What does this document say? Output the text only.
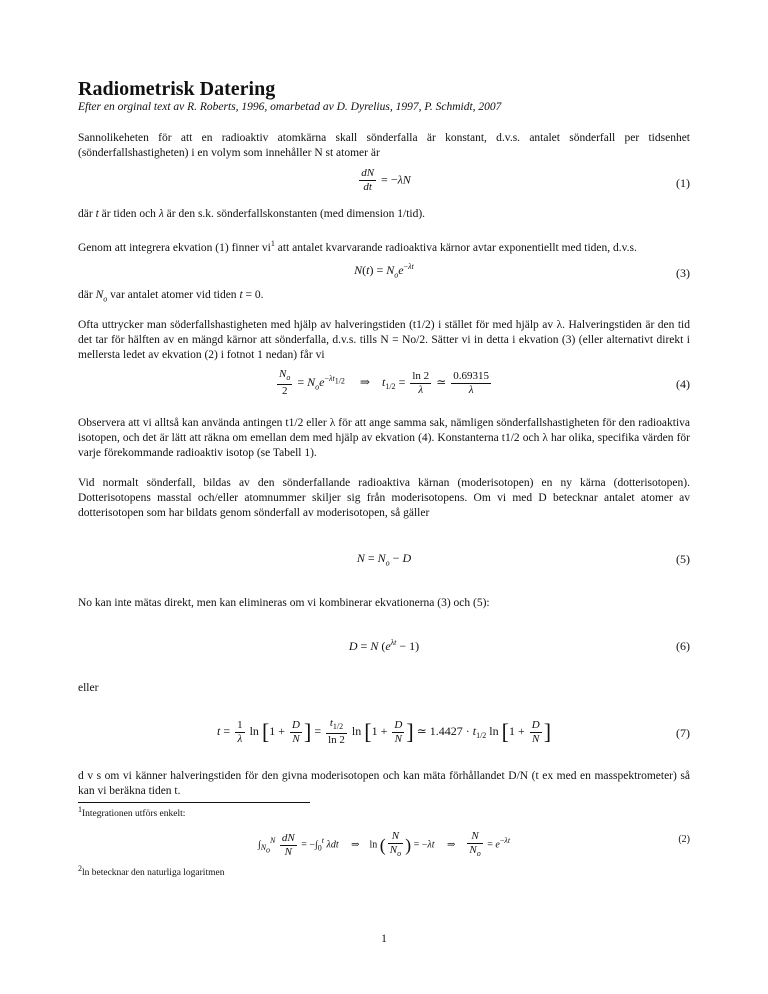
Radiometrisk Datering
Efter en orginal text av R. Roberts, 1996, omarbetad av D. Dyrelius, 1997, P. Schmidt, 2007

Sannolikeheten för att en radioaktiv atomkärna skall sönderfalla är konstant, d.v.s. antalet sönderfall per tidsenhet (sönderfallshastigheten) i en volym som innehåller N st atomer är

$\frac{dN}{dt} = -\lambda N$	(1)

där t är tiden och λ är den s.k. sönderfallskonstanten (med dimension 1/tid).

Genom att integrera ekvation (1) finner $vi^1$ att antalet kvarvarande radioaktiva kärnor avtar exponentiellt med tiden, d.v.s.

$N(t) = N_oe^{-\lambda t}$	(3)

där $N_o$ var antalet atomer vid tiden t = 0.

Ofta uttrycker man söderfallshastigheten med hjälp av halveringstiden (t1/2) i stället för med hjälp av λ. Halveringstiden är den tid det tar för hälften av en mängd kärnor att sönderfalla, d.v.s. tills N = No/2. Sätter vi in detta i ekvation (3) (eller alternativt direkt i mellersta ledet av ekvation (2) i fotnot 1 nedan) får vi

$\frac{N_o}{2} = N_oe^{-\lambda t_{1/2}}$     ⇒    $t_{1/2} = \frac{\ln 2}{\lambda}$ ≃ $\frac{0.69315}{\lambda}$	(4)

Observera att vi alltså kan använda antingen t1/2 eller λ för att ange samma sak, nämligen sönderfallshastigheten för den radioaktiva isotopen, och det är lätt att räkna om emellan dem med hjälp av ekvation (4). Konstanterna t1/2 och λ har olika, specifika värden för varje förekommande radioaktiv isotop (se Tabell 1).

Vid normalt sönderfall, bildas av den sönderfallande radioaktiva kärnan (moderisotopen) en ny kärna (dotterisotopen). Dotterisotopens masstal och/eller atomnummer skiljer sig från moderisotopens. Om vi med D betecknar antalet atomer av dotterisotopen som har bildats genom sönderfall av moderisotopen, så gäller

$N = N_o - D$	(5)

No kan inte mätas direkt, men kan elimineras om vi kombinerar ekvationerna (3) och (5):

D = N $(e^{\lambda t} - 1)$	(6)

eller

$t = \frac{1}{\lambda}$ $\ln [1 + \frac{D}{N}$ ] = $\frac{t_{1/2}}{\ln 2}$ $\ln [1 + \frac{D}{N}$ ] ≃ $1.4427 \cdot t_{1/2}$ $\ln [1 + \frac{D}{N}$ ]	(7)

d v s om vi känner halveringstiden för den givna moderisotopen och kan mäta förhållandet D/N (t ex med en masspektrometer) så kan vi beräkna tiden t.

$^1$Integrationen utförs enkelt:
$\int_{N_o}^N \frac{dN}{N} = -\int_0^t$ λdt     ⇒    ln ( $\frac{N}{N_o}$ ) = −λt     ⇒ $\frac{N}{N_o} = e^{-\lambda t}$	(2)
$^2$ln betecknar den naturliga logaritmen
1
